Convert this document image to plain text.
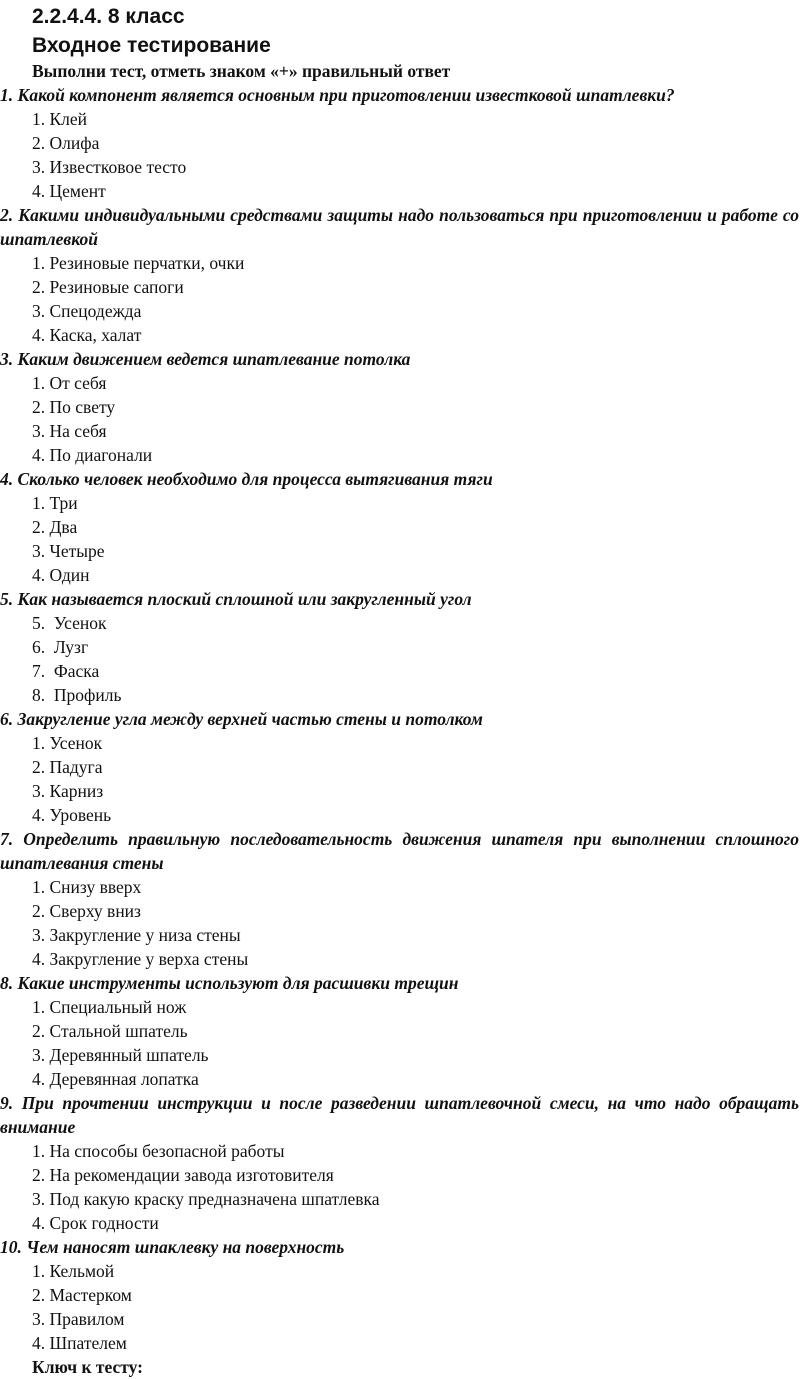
2.2.4.4. 8 класс
Входное тестирование

Выполни тест, отметь знаком «+» правильный ответ

1. Какой компонент является основным при приготовлении известковой шпатлевки?

1. Клей
2. Олифа
3. Известковое тесто
4. Цемент

2. Какими индивидуальными средствами защиты надо пользоваться при приготовлении и работе со шпатлевкой

1. Резиновые перчатки, очки
2. Резиновые сапоги
3. Спецодежда
4. Каска, халат

3. Каким движением ведется шпатлевание потолка

1. От себя
2. По свету
3. На себя
4. По диагонали

4. Сколько человек необходимо для процесса вытягивания тяги

1. Три
2. Два
3. Четыре
4. Один

5. Как называется плоский сплошной или закругленный угол

5.  Усенок
6.  Лузг
7.  Фаска
8.  Профиль

6. Закругление угла между верхней частью стены и потолком

1. Усенок
2. Падуга
3. Карниз
4. Уровень

7. Определить правильную последовательность движения шпателя при выполнении сплошного шпатлевания стены

1. Снизу вверх
2. Сверху вниз
3. Закругление у низа стены
4. Закругление у верха стены

8. Какие инструменты используют для расшивки трещин

1. Специальный нож
2. Стальной шпатель
3. Деревянный шпатель
4. Деревянная лопатка

9. При прочтении инструкции и после разведении шпатлевочной смеси, на что надо обращать внимание

1. На способы безопасной работы
2. На рекомендации завода изготовителя
3. Под какую краску предназначена шпатлевка
4. Срок годности

10. Чем наносят шпаклевку на поверхность

1. Кельмой
2. Мастерком
3. Правилом
4. Шпателем

Ключ к тесту:
